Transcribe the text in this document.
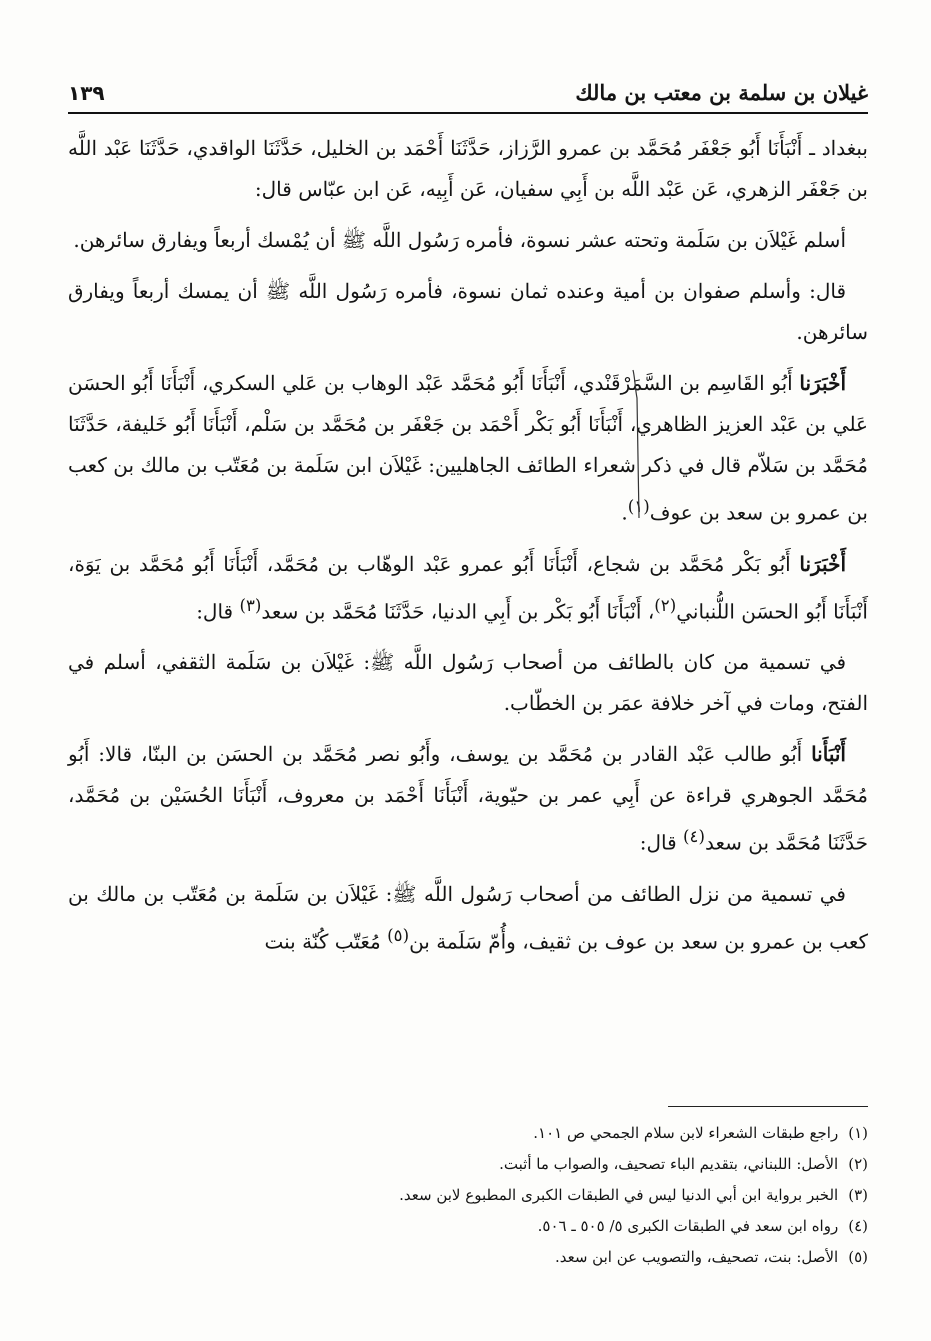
غيلان بن سلمة بن معتب بن مالك
١٣٩

ببغداد ـ أَنْبَأَنَا أَبُو جَعْفَر مُحَمَّد بن عمرو الرَّزاز، حَدَّثَنَا أَحْمَد بن الخليل، حَدَّثَنَا الواقدي، حَدَّثَنَا عَبْد اللَّه بن جَعْفَر الزهري، عَن عَبْد اللَّه بن أَبِي سفيان، عَن أَبِيه، عَن ابن عبّاس قال:

أسلم غَيْلاَن بن سَلَمة وتحته عشر نسوة، فأمره رَسُول اللَّه ﷺ أن يُمْسك أربعاً ويفارق سائرهن.

قال: وأسلم صفوان بن أمية وعنده ثمان نسوة، فأمره رَسُول اللَّه ﷺ أن يمسك أربعاً ويفارق سائرهن.

أَخْبَرَنا أَبُو القَاسِم بن السَّمَرْقَنْدي، أَنْبَأَنَا أَبُو مُحَمَّد عَبْد الوهاب بن عَلي السكري، أَنْبَأَنَا أَبُو الحسَن عَلي بن عَبْد العزيز الظاهري، أَنْبَأَنَا أَبُو بَكْر أَحْمَد بن جَعْفَر بن مُحَمَّد بن سَلْم، أَنْبَأَنَا أَبُو خَليفة، حَدَّثَنَا مُحَمَّد بن سَلاّم قال في ذكر شعراء الطائف الجاهليين: غَيْلاَن ابن سَلَمة بن مُعَتّب بن مالك بن كعب بن عمرو بن سعد بن عوف$^{(١)}$.

أَخْبَرَنا أَبُو بَكْر مُحَمَّد بن شجاع، أَنْبَأَنَا أَبُو عمرو عَبْد الوهّاب بن مُحَمَّد، أَنْبَأَنَا أَبُو مُحَمَّد بن يَوَة، أَنْبَأَنَا أَبُو الحسَن اللُّنباني$^{(٢)}$، أَنْبَأَنَا أَبُو بَكْر بن أَبِي الدنيا، حَدَّثَنَا مُحَمَّد بن سعد$^{(٣)}$ قال:

في تسمية من كان بالطائف من أصحاب رَسُول اللَّه ﷺ: غَيْلاَن بن سَلَمة الثقفي، أسلم في الفتح، ومات في آخر خلافة عمَر بن الخطّاب.

أَنْبَأَنا أَبُو طالب عَبْد القادر بن مُحَمَّد بن يوسف، وأَبُو نصر مُحَمَّد بن الحسَن بن البنّا، قالا: أَبُو مُحَمَّد الجوهري قراءة عن أَبِي عمر بن حيّوية، أَنْبَأَنَا أَحْمَد بن معروف، أَنْبَأَنَا الحُسَيْن بن مُحَمَّد، حَدَّثَنَا مُحَمَّد بن سعد$^{(٤)}$ قال:

في تسمية من نزل الطائف من أصحاب رَسُول اللَّه ﷺ: غَيْلاَن بن سَلَمة بن مُعَتّب بن مالك بن كعب بن عمرو بن سعد بن عوف بن ثقيف، وأُمّ سَلَمة بن$^{(٥)}$ مُعَتّب كُنّة بنت

(١)
راجع طبقات الشعراء لابن سلام الجمحي ص ١٠١.
(٢)
الأصل: اللبناني، بتقديم الباء تصحيف، والصواب ما أثبت.
(٣)
الخبر برواية ابن أبي الدنيا ليس في الطبقات الكبرى المطبوع لابن سعد.
(٤)
رواه ابن سعد في الطبقات الكبرى ٥/ ٥٠٥ ـ ٥٠٦.
(٥)
الأصل: بنت، تصحيف، والتصويب عن ابن سعد.
